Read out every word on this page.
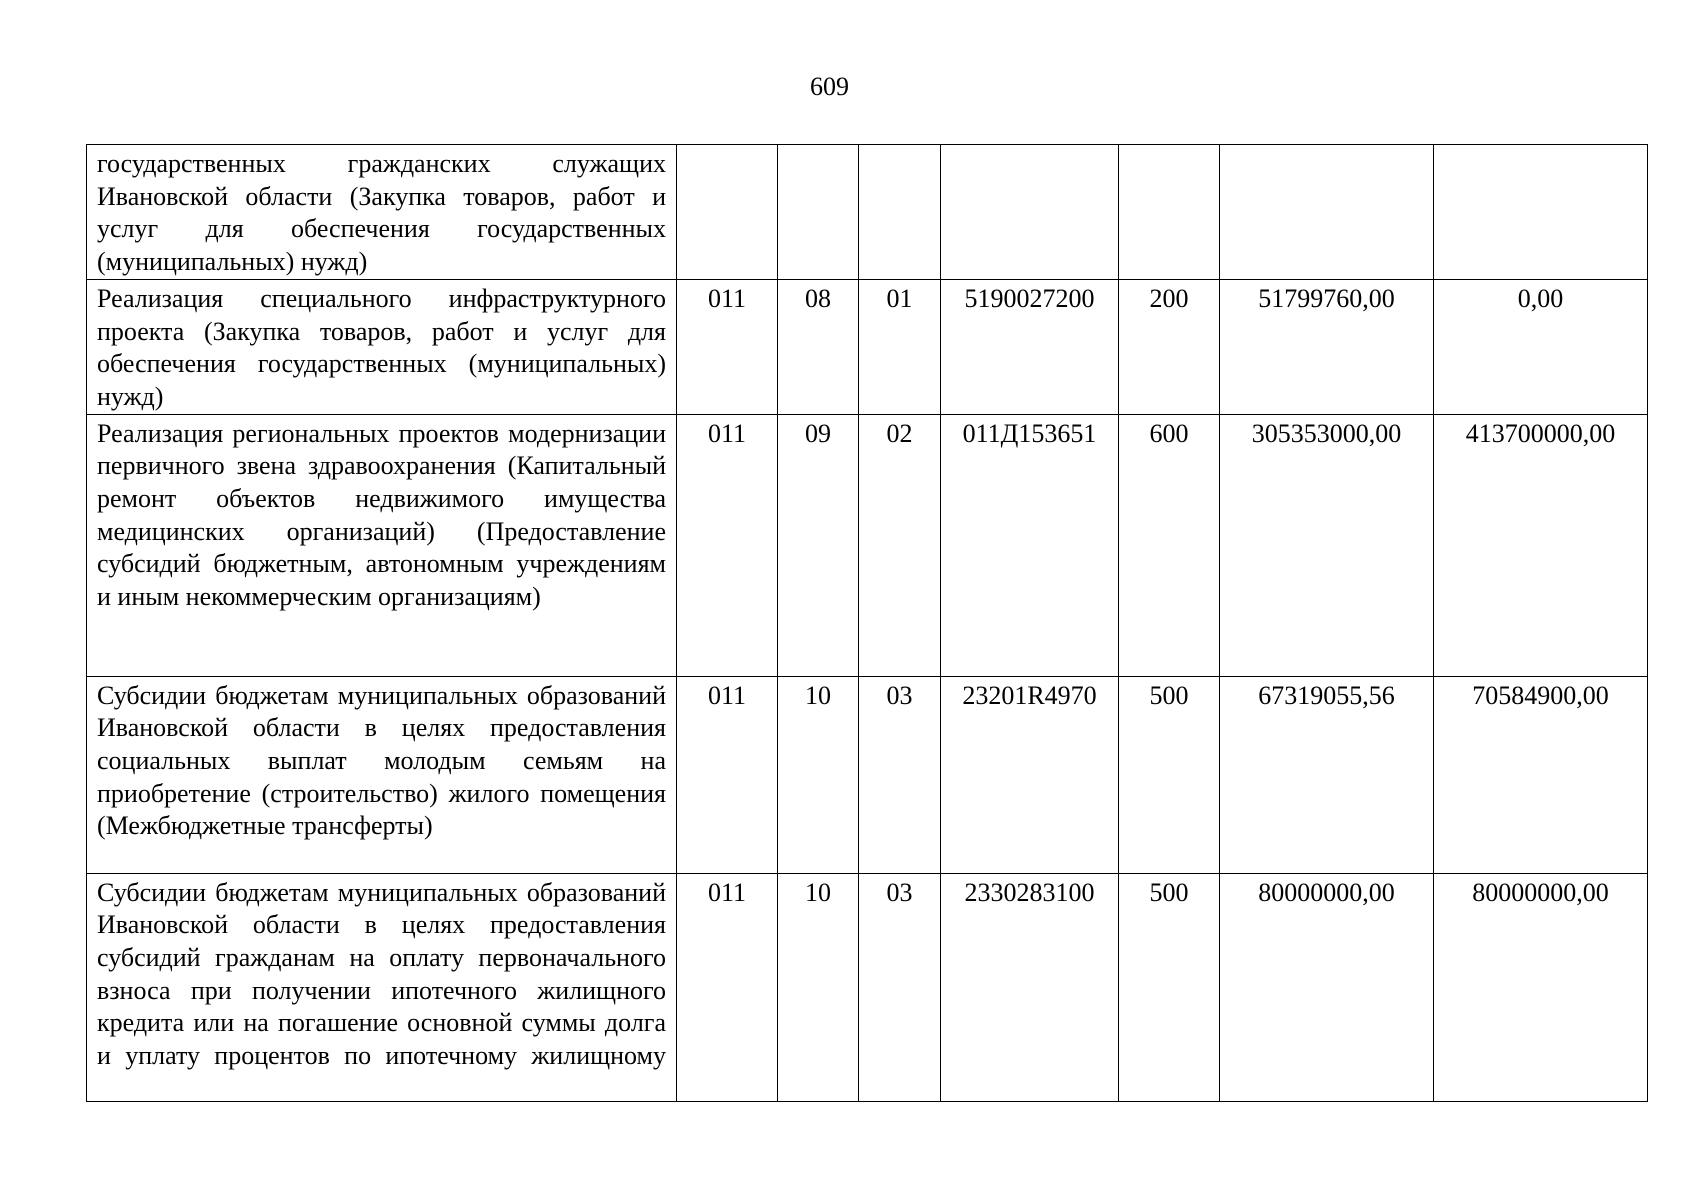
609
государственных гражданских служащих Ивановской области (Закупка товаров, работ и услуг для обеспечения государственных (муниципальных) нужд)							

Реализация специального инфраструктурного проекта (Закупка товаров, работ и услуг для обеспечения государственных (муниципальных) нужд)	011	08	01	5190027200	200	51799760,00	0,00

Реализация региональных проектов модернизации первичного звена здравоохранения (Капитальный ремонт объектов недвижимого имущества медицинских организаций) (Предоставление субсидий бюджетным, автономным учреждениям и иным некоммерческим организациям)	011	09	02	011Д153651	600	305353000,00	413700000,00

Субсидии бюджетам муниципальных образований Ивановской области в целях предоставления социальных выплат молодым семьям на приобретение (строительство) жилого помещения (Межбюджетные трансферты)	011	10	03	23201R4970	500	67319055,56	70584900,00

Субсидии бюджетам муниципальных образований Ивановской области в целях предоставления субсидий гражданам на оплату первоначального взноса при получении ипотечного жилищного кредита или на погашение основной суммы долга и уплату процентов по ипотечному жилищному	011	10	03	2330283100	500	80000000,00	80000000,00
